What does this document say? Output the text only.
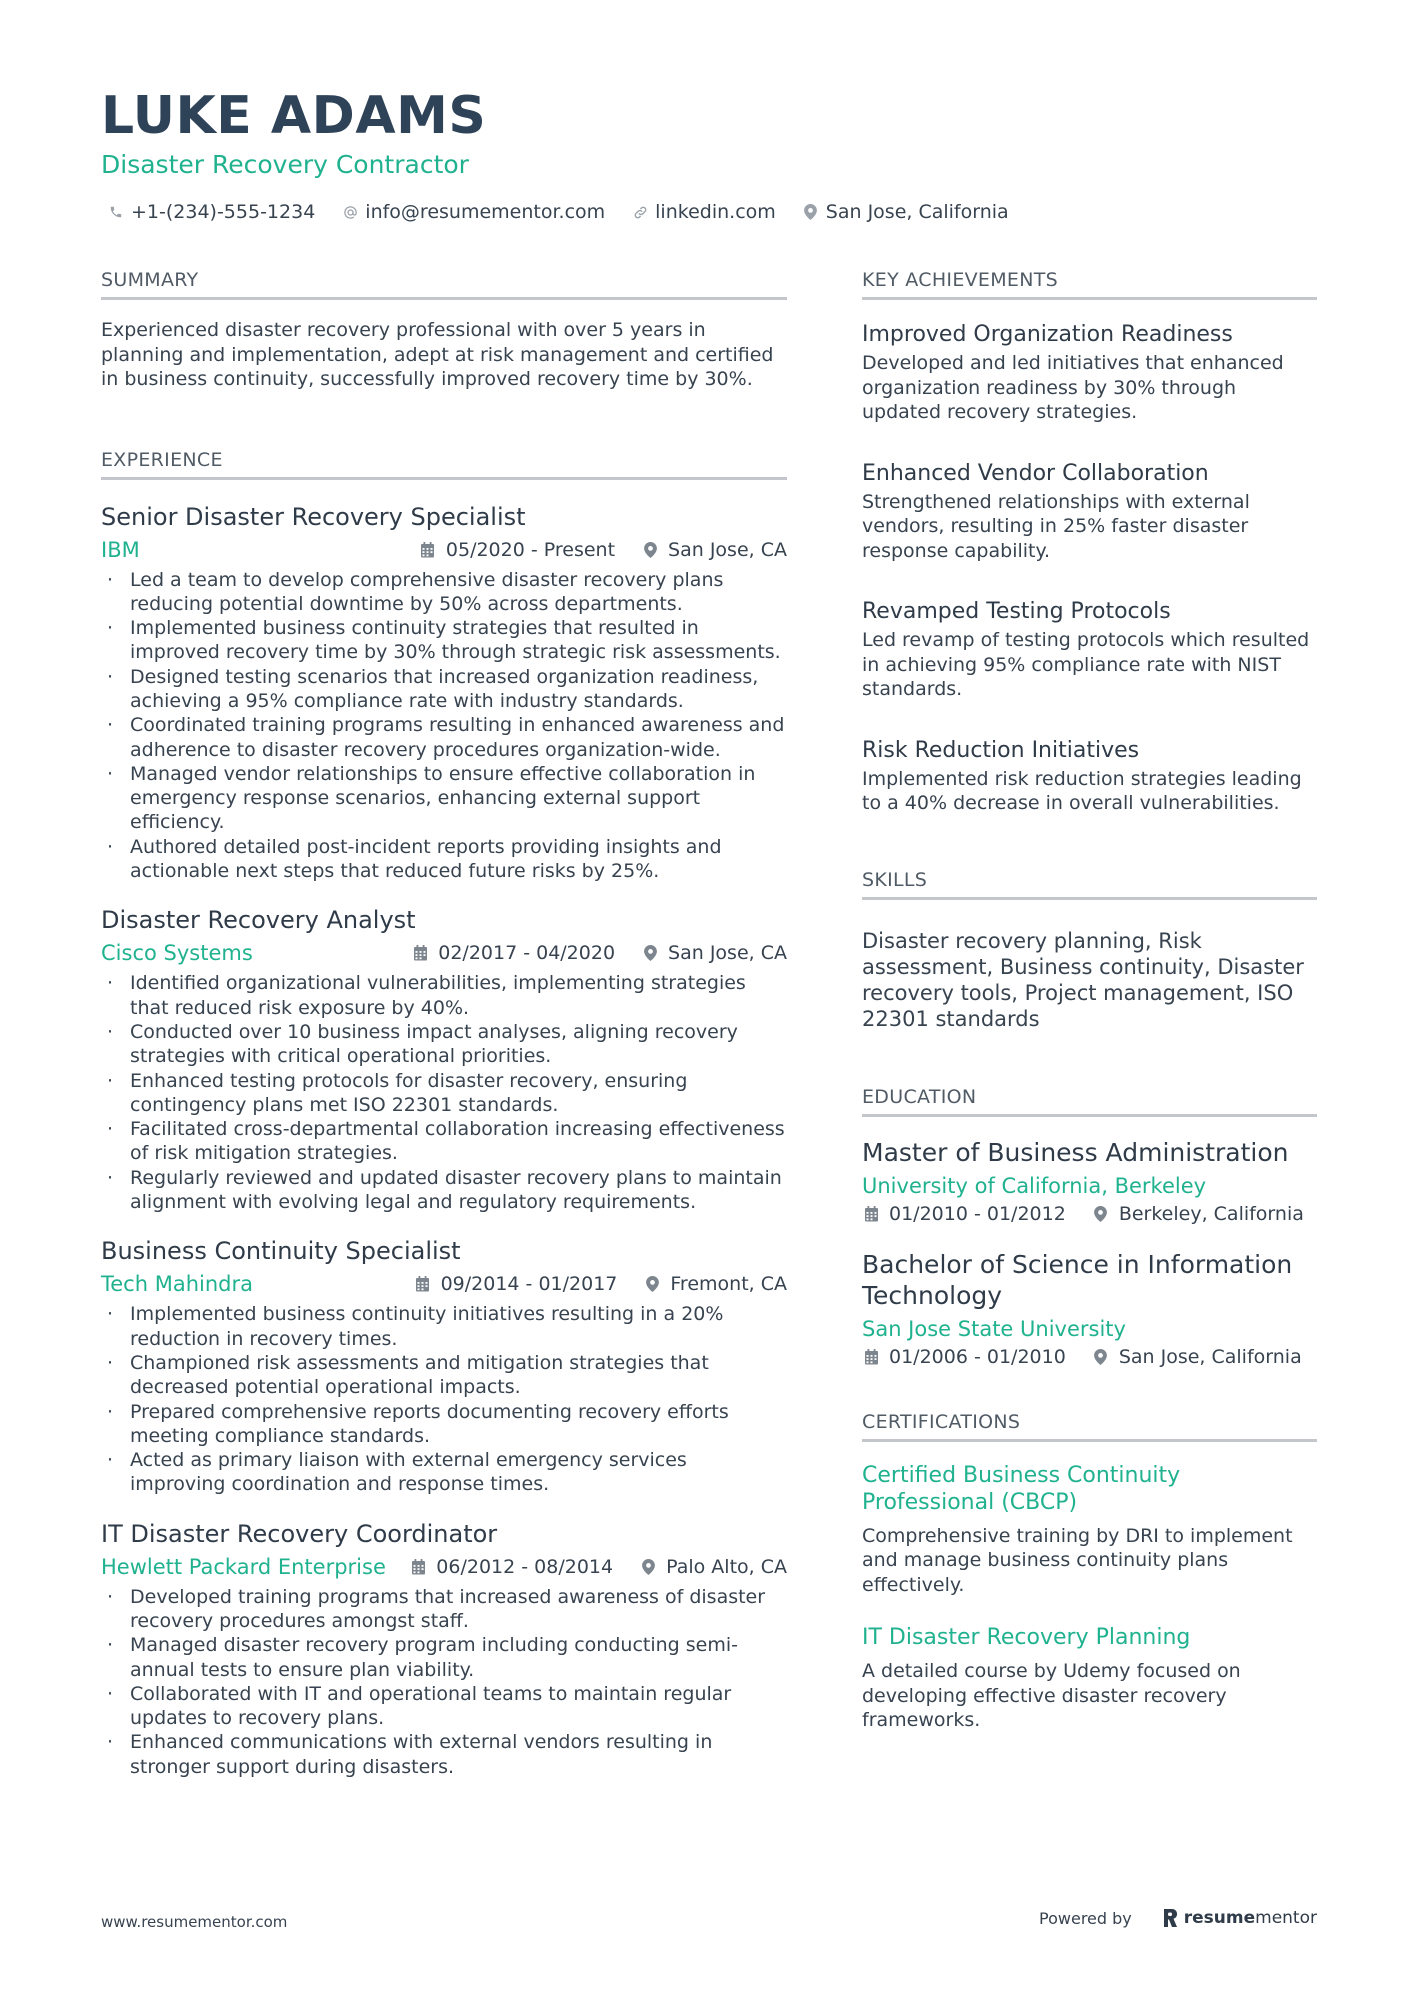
LUKE ADAMS
Disaster Recovery Contractor
+1-(234)-555-1234	info@resumementor.com	linkedin.com	San Jose, California
SUMMARY

Experienced disaster recovery professional with over 5 years in planning and implementation, adept at risk management and certified in business continuity, successfully improved recovery time by 30%.

EXPERIENCE
Senior Disaster Recovery Specialist
IBM	05/2020 - Present	San Jose, CA
· Led a team to develop comprehensive disaster recovery plans reducing potential downtime by 50% across departments.
· Implemented business continuity strategies that resulted in improved recovery time by 30% through strategic risk assessments.
· Designed testing scenarios that increased organization readiness, achieving a 95% compliance rate with industry standards.
· Coordinated training programs resulting in enhanced awareness and adherence to disaster recovery procedures organization-wide.
· Managed vendor relationships to ensure effective collaboration in emergency response scenarios, enhancing external support efficiency.
· Authored detailed post-incident reports providing insights and actionable next steps that reduced future risks by 25%.
Disaster Recovery Analyst
Cisco Systems	02/2017 - 04/2020	San Jose, CA
· Identified organizational vulnerabilities, implementing strategies that reduced risk exposure by 40%.
· Conducted over 10 business impact analyses, aligning recovery strategies with critical operational priorities.
· Enhanced testing protocols for disaster recovery, ensuring contingency plans met ISO 22301 standards.
· Facilitated cross-departmental collaboration increasing effectiveness of risk mitigation strategies.
· Regularly reviewed and updated disaster recovery plans to maintain alignment with evolving legal and regulatory requirements.
Business Continuity Specialist
Tech Mahindra	09/2014 - 01/2017	Fremont, CA
· Implemented business continuity initiatives resulting in a 20% reduction in recovery times.
· Championed risk assessments and mitigation strategies that decreased potential operational impacts.
· Prepared comprehensive reports documenting recovery efforts meeting compliance standards.
· Acted as primary liaison with external emergency services improving coordination and response times.
IT Disaster Recovery Coordinator
Hewlett Packard Enterprise	06/2012 - 08/2014	Palo Alto, CA
· Developed training programs that increased awareness of disaster recovery procedures amongst staff.
· Managed disaster recovery program including conducting semi-annual tests to ensure plan viability.
· Collaborated with IT and operational teams to maintain regular updates to recovery plans.
· Enhanced communications with external vendors resulting in stronger support during disasters.
KEY ACHIEVEMENTS
Improved Organization Readiness

Developed and led initiatives that enhanced organization readiness by 30% through updated recovery strategies.

Enhanced Vendor Collaboration

Strengthened relationships with external vendors, resulting in 25% faster disaster response capability.

Revamped Testing Protocols

Led revamp of testing protocols which resulted in achieving 95% compliance rate with NIST standards.

Risk Reduction Initiatives

Implemented risk reduction strategies leading to a 40% decrease in overall vulnerabilities.

SKILLS

Disaster recovery planning, Risk assessment, Business continuity, Disaster recovery tools, Project management, ISO 22301 standards

EDUCATION
Master of Business Administration
University of California, Berkeley
01/2010 - 01/2012	Berkeley, California
Bachelor of Science in Information Technology
San Jose State University
01/2006 - 01/2010	San Jose, California
CERTIFICATIONS
Certified Business Continuity Professional (CBCP)

Comprehensive training by DRI to implement and manage business continuity plans effectively.

IT Disaster Recovery Planning

A detailed course by Udemy focused on developing effective disaster recovery frameworks.

www.resumementor.com	Powered by	resume mentor
